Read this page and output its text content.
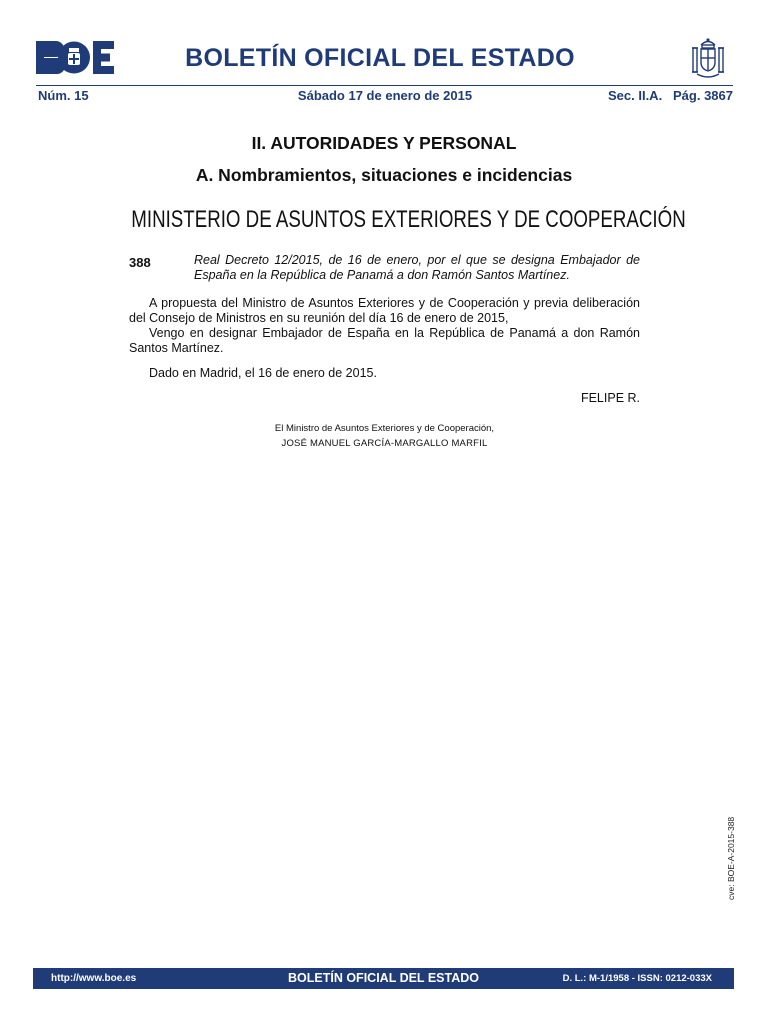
BOLETÍN OFICIAL DEL ESTADO
Núm. 15	Sábado 17 de enero de 2015	Sec. II.A.   Pág. 3867
II. AUTORIDADES Y PERSONAL
A. Nombramientos, situaciones e incidencias
MINISTERIO DE ASUNTOS EXTERIORES Y DE COOPERACIÓN
388	Real Decreto 12/2015, de 16 de enero, por el que se designa Embajador de España en la República de Panamá a don Ramón Santos Martínez.

A propuesta del Ministro de Asuntos Exteriores y de Cooperación y previa deliberación del Consejo de Ministros en su reunión del día 16 de enero de 2015,

Vengo en designar Embajador de España en la República de Panamá a don Ramón Santos Martínez.

Dado en Madrid, el 16 de enero de 2015.

FELIPE R.
El Ministro de Asuntos Exteriores y de Cooperación,
JOSÉ MANUEL GARCÍA-MARGALLO MARFIL
cve: BOE-A-2015-388
http://www.boe.es	BOLETÍN OFICIAL DEL ESTADO	D. L.: M-1/1958 - ISSN: 0212-033X
